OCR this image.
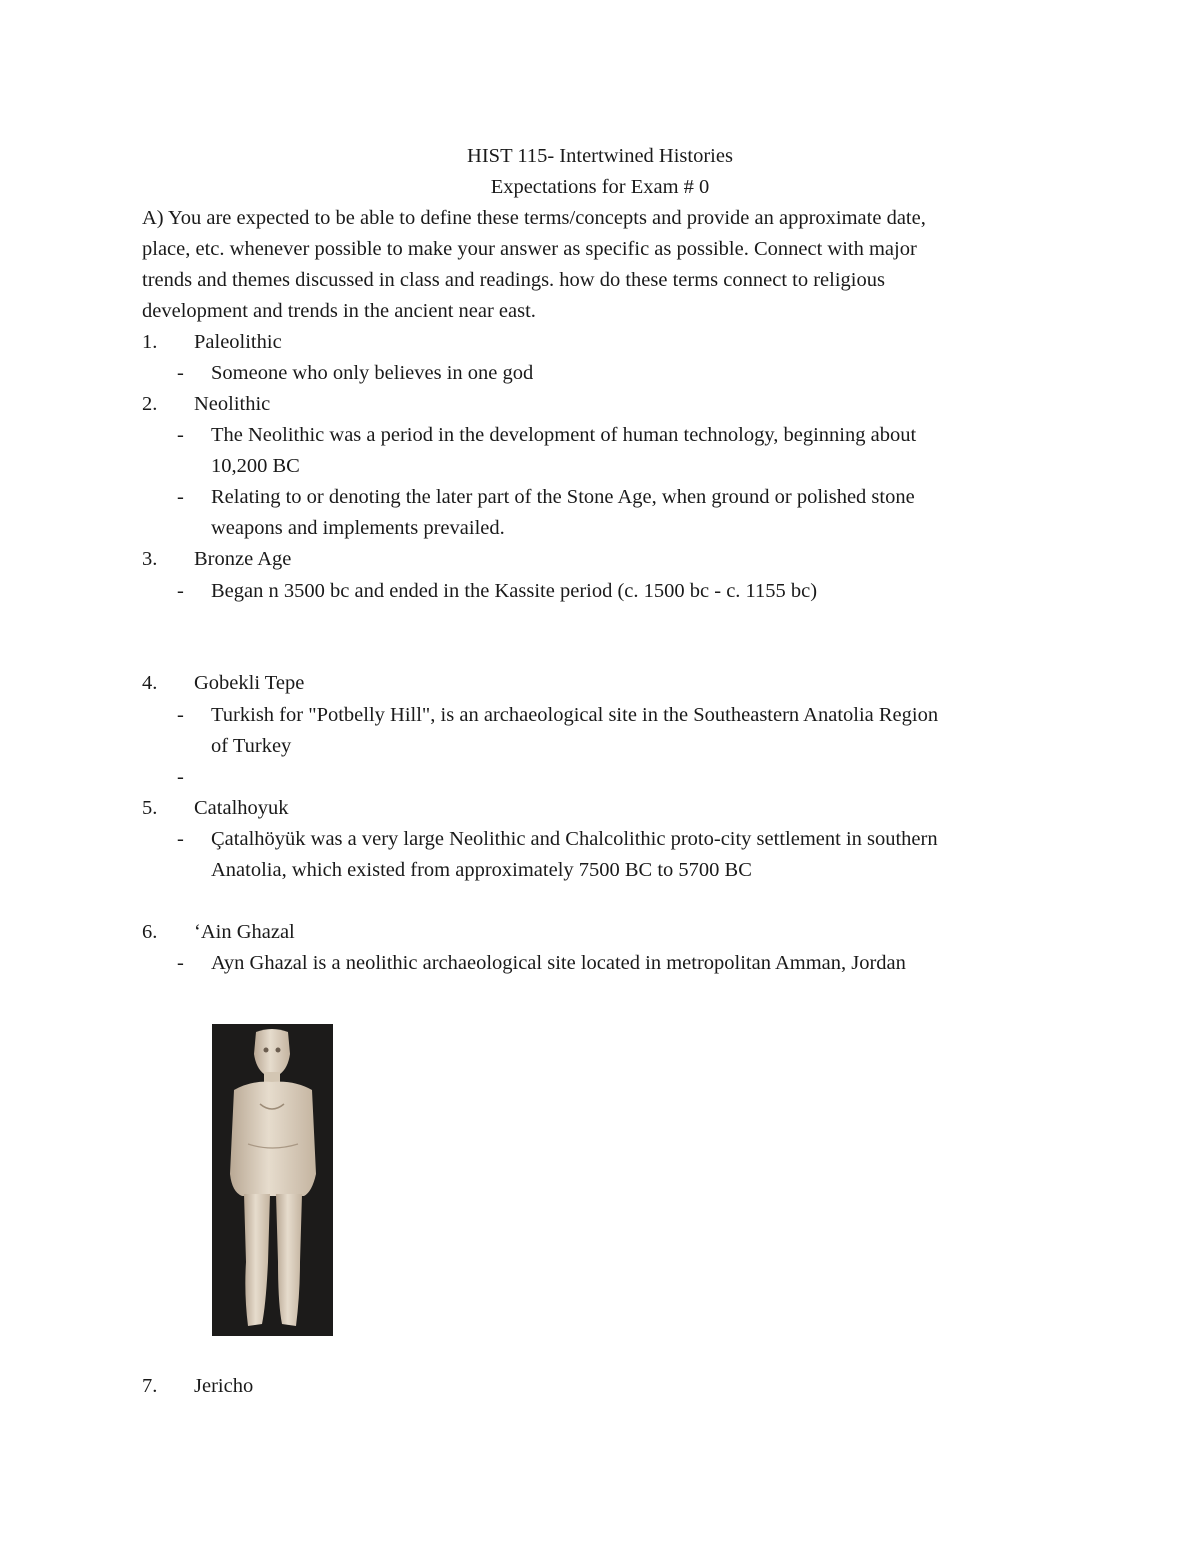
HIST 115- Intertwined Histories
Expectations for Exam # 0
A) You are expected to be able to define these terms/concepts and provide an approximate date,
place, etc. whenever possible to make your answer as specific as possible. Connect with major
trends and themes discussed in class and readings. how do these terms connect to religious
development and trends in the ancient near east.
1. Paleolithic
- Someone who only believes in one god
2. Neolithic
- The Neolithic was a period in the development of human technology, beginning about
10,200 BC
- Relating to or denoting the later part of the Stone Age, when ground or polished stone
weapons and implements prevailed.
3. Bronze Age
- Began n 3500 bc and ended in the Kassite period (c. 1500 bc - c. 1155 bc)
4. Gobekli Tepe
- Turkish for "Potbelly Hill", is an archaeological site in the Southeastern Anatolia Region
of Turkey
-
5. Catalhoyuk
- Çatalhöyük was a very large Neolithic and Chalcolithic proto-city settlement in southern
Anatolia, which existed from approximately 7500 BC to 5700 BC
6. ‘Ain Ghazal
- Ayn Ghazal is a neolithic archaeological site located in metropolitan Amman, Jordan
7. Jericho
